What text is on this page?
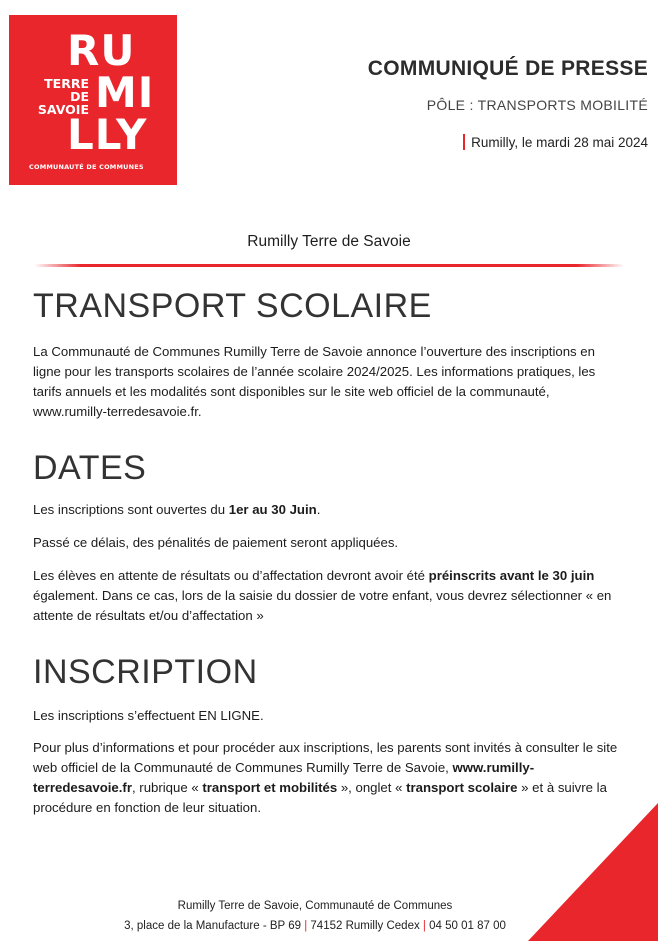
RU
MI
LLY
TERRE
DE
SAVOIE
COMMUNAUTÉ DE COMMUNES
COMMUNIQUÉ DE PRESSE
PÔLE : TRANSPORTS MOBILITÉ
Rumilly, le mardi 28 mai 2024
Rumilly Terre de Savoie
TRANSPORT SCOLAIRE

La Communauté de Communes Rumilly Terre de Savoie annonce l’ouverture des inscriptions en ligne pour les transports scolaires de l’année scolaire 2024/2025. Les informations pratiques, les tarifs annuels et les modalités sont disponibles sur le site web officiel de la communauté, www.rumilly-terredesavoie.fr.

DATES

Les inscriptions sont ouvertes du 1er au 30 Juin.

Passé ce délais, des pénalités de paiement seront appliquées.

Les élèves en attente de résultats ou d’affectation devront avoir été préinscrits avant le 30 juin également. Dans ce cas, lors de la saisie du dossier de votre enfant, vous devrez sélectionner « en attente de résultats et/ou d’affectation »

INSCRIPTION

Les inscriptions s’effectuent EN LIGNE.

Pour plus d’informations et pour procéder aux inscriptions, les parents sont invités à consulter le site web officiel de la Communauté de Communes Rumilly Terre de Savoie, www.rumilly-terredesavoie.fr, rubrique « transport et mobilités », onglet « transport scolaire » et à suivre la procédure en fonction de leur situation.

Rumilly Terre de Savoie, Communauté de Communes
3, place de la Manufacture - BP 69 | 74152 Rumilly Cedex | 04 50 01 87 00
